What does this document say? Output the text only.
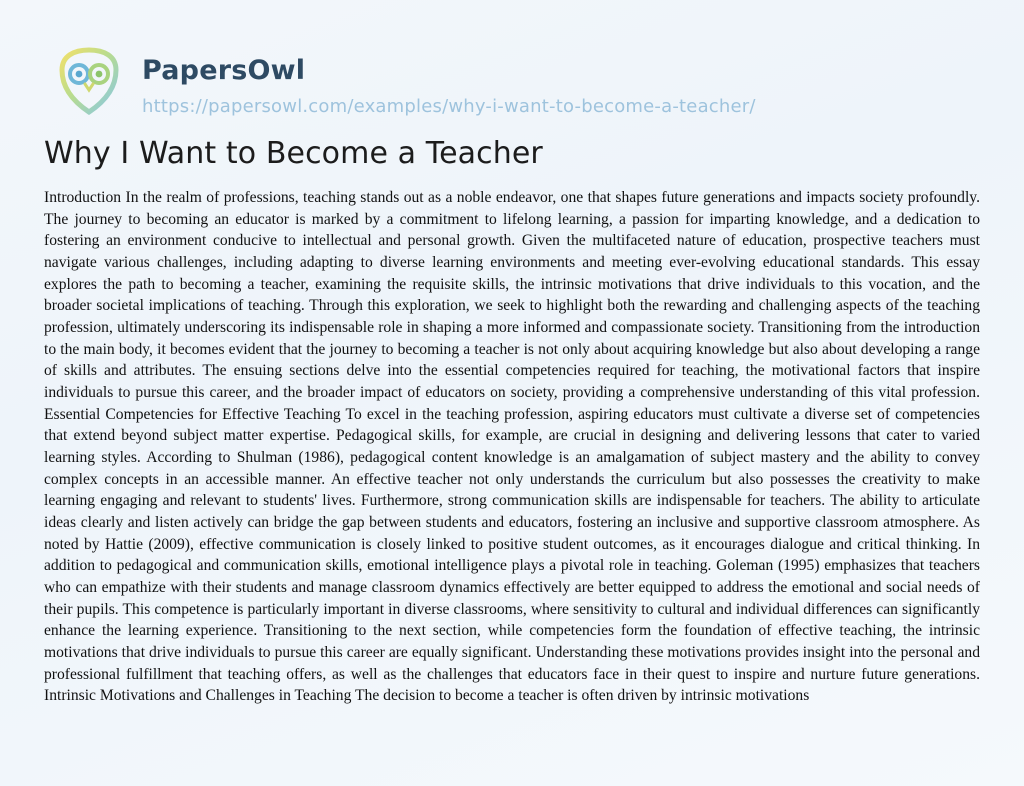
PapersOwl
https://papersowl.com/examples/why-i-want-to-become-a-teacher/
Why I Want to Become a Teacher
Introduction In the realm of professions, teaching stands out as a noble endeavor, one that shapes future generations and impacts society profoundly. The journey to becoming an educator is marked by a commitment to lifelong learning, a passion for imparting knowledge, and a dedication to fostering an environment conducive to intellectual and personal growth. Given the multifaceted nature of education, prospective teachers must navigate various challenges, including adapting to diverse learning environments and meeting ever-evolving educational standards. This essay explores the path to becoming a teacher, examining the requisite skills, the intrinsic motivations that drive individuals to this vocation, and the broader societal implications of teaching. Through this exploration, we seek to highlight both the rewarding and challenging aspects of the teaching profession, ultimately underscoring its indispensable role in shaping a more informed and compassionate society. Transitioning from the introduction to the main body, it becomes evident that the journey to becoming a teacher is not only about acquiring knowledge but also about developing a range of skills and attributes. The ensuing sections delve into the essential competencies required for teaching, the motivational factors that inspire individuals to pursue this career, and the broader impact of educators on society, providing a comprehensive understanding of this vital profession. Essential Competencies for Effective Teaching To excel in the teaching profession, aspiring educators must cultivate a diverse set of competencies that extend beyond subject matter expertise. Pedagogical skills, for example, are crucial in designing and delivering lessons that cater to varied learning styles. According to Shulman (1986), pedagogical content knowledge is an amalgamation of subject mastery and the ability to convey complex concepts in an accessible manner. An effective teacher not only understands the curriculum but also possesses the creativity to make learning engaging and relevant to students' lives. Furthermore, strong communication skills are indispensable for teachers. The ability to articulate ideas clearly and listen actively can bridge the gap between students and educators, fostering an inclusive and supportive classroom atmosphere. As noted by Hattie (2009), effective communication is closely linked to positive student outcomes, as it encourages dialogue and critical thinking. In addition to pedagogical and communication skills, emotional intelligence plays a pivotal role in teaching. Goleman (1995) emphasizes that teachers who can empathize with their students and manage classroom dynamics effectively are better equipped to address the emotional and social needs of their pupils. This competence is particularly important in diverse classrooms, where sensitivity to cultural and individual differences can significantly enhance the learning experience. Transitioning to the next section, while competencies form the foundation of effective teaching, the intrinsic motivations that drive individuals to pursue this career are equally significant. Understanding these motivations provides insight into the personal and professional fulfillment that teaching offers, as well as the challenges that educators face in their quest to inspire and nurture future generations. Intrinsic Motivations and Challenges in Teaching The decision to become a teacher is often driven by intrinsic motivations
